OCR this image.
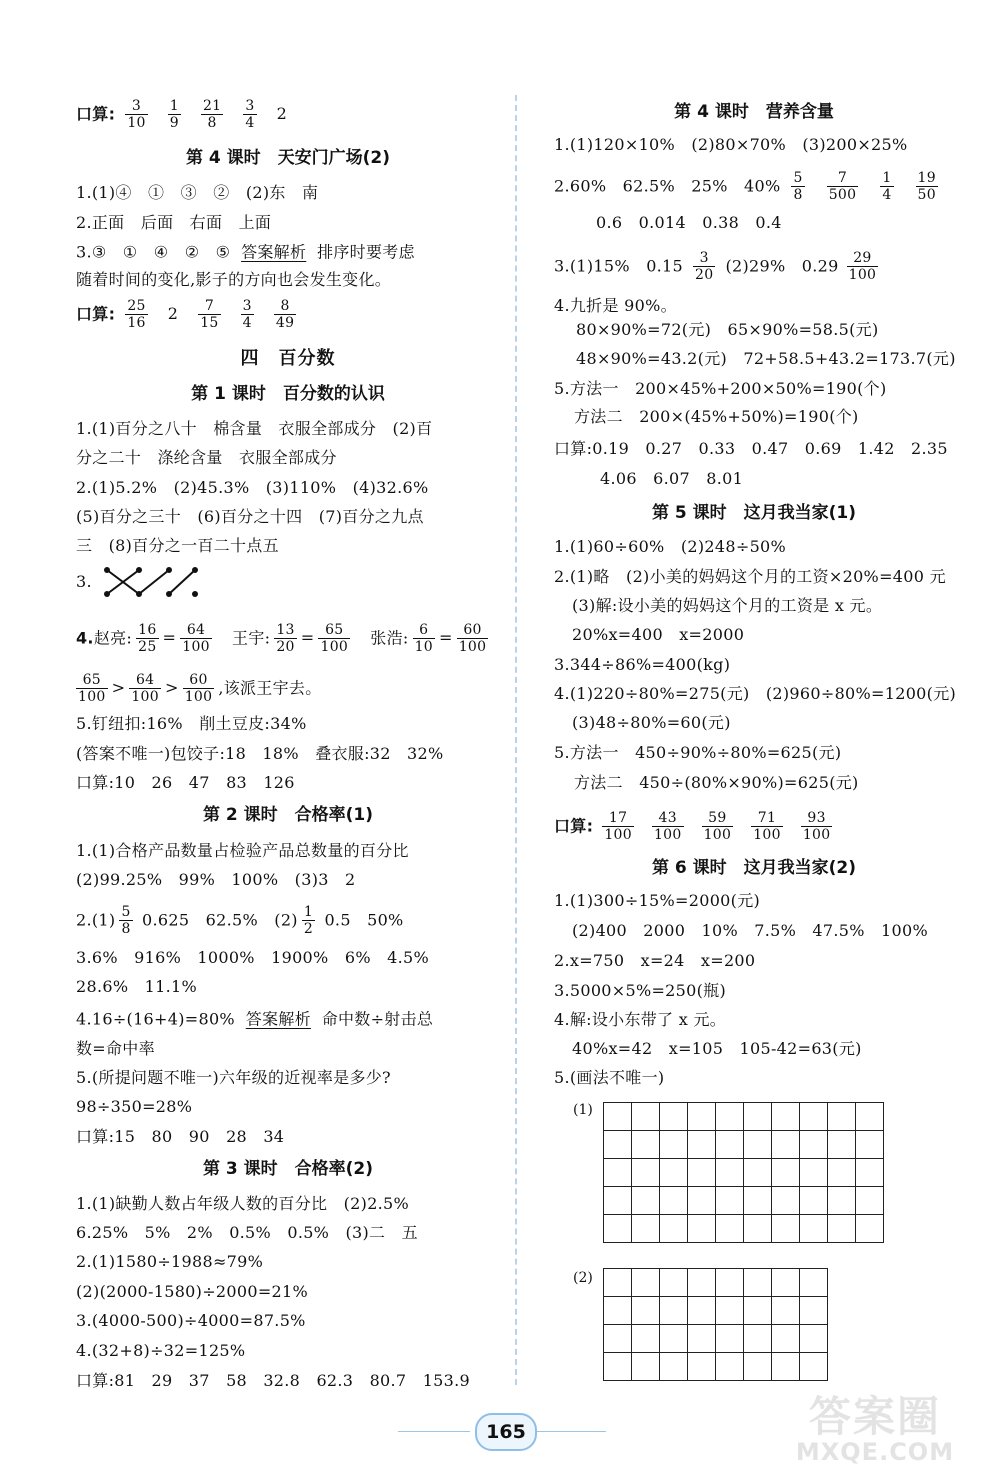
口算: $\frac{3}{10} \frac{1}{9} \frac{21}{8} \frac{3}{4} 2$
第 4 课时　天安门广场(2)
1.(1)④　①　③　②　(2)东　南
2.正面　后面　右面　上面
3.③　①　④　②　⑤ 答案解析 排序时要考虑
随着时间的变化,影子的方向也会发生变化。
口算: $\frac{25}{16} 2 \frac{7}{15} \frac{3}{4} \frac{8}{49}$
四　百分数
第 1 课时　百分数的认识
1.(1)百分之八十　棉含量　衣服全部成分　(2)百
分之二十　涤纶含量　衣服全部成分
2.(1)5.2%　(2)45.3%　(3)110%　(4)32.6%
(5)百分之三十　(6)百分之十四　(7)百分之九点
三　(8)百分之一百二十点五
3.
4.赵亮: $\frac{16}{25} = \frac{64}{100}$ 王宇: $\frac{13}{20} = \frac{65}{100}$ 张浩: $\frac{6}{10} = \frac{60}{100}$
$\frac{65}{100} > \frac{64}{100} > \frac{60}{100}$ ,该派王宇去。
5.钉纽扣:16%　削土豆皮:34%
(答案不唯一)包饺子:18　18%　叠衣服:32　32%
口算:10　26　47　83　126
第 2 课时　合格率(1)
1.(1)合格产品数量占检验产品总数量的百分比
(2)99.25%　99%　100%　(3)3　2
$2.(1) \frac{5}{8} 0.625$　62.5%　$(2) \frac{1}{2} 0.5$　50%
3.6%　916%　1000%　1900%　6%　4.5%
28.6%　11.1%
4.16÷(16+4)=80% 答案解析 命中数÷射击总
数=命中率
5.(所提问题不唯一)六年级的近视率是多少?
98÷350=28%
口算:15　80　90　28　34
第 3 课时　合格率(2)
1.(1)缺勤人数占年级人数的百分比　(2)2.5%
6.25%　5%　2%　0.5%　0.5%　(3)二　五
2.(1)1580÷1988≈79%
(2)(2000-1580)÷2000=21%
3.(4000-500)÷4000=87.5%
4.(32+8)÷32=125%
口算:81　29　37　58　32.8　62.3　80.7　153.9
第 4 课时　营养含量
1.(1)120×10%　(2)80×70%　(3)200×25%
2.60%　62.5%　25%　$40\% \frac{5}{8} \frac{7}{500} \frac{1}{4} \frac{19}{50}$
0.6　0.014　0.38　0.4
3.(1)15%　$0.15 \frac{3}{20} (2)29\%$　$0.29 \frac{29}{100}$
4.九折是 90%。
80×90%=72(元)　65×90%=58.5(元)
48×90%=43.2(元)　72+58.5+43.2=173.7(元)
5.方法一　200×45%+200×50%=190(个)
方法二　200×(45%+50%)=190(个)
口算:0.19　0.27　0.33　0.47　0.69　1.42　2.35
4.06　6.07　8.01
第 5 课时　这月我当家(1)
1.(1)60÷60%　(2)248÷50%
2.(1)略　(2)小美的妈妈这个月的工资×20%=400 元
(3)解:设小美的妈妈这个月的工资是 x 元。
20%x=400　x=2000
3.344÷86%=400(kg)
4.(1)220÷80%=275(元)　(2)960÷80%=1200(元)
(3)48÷80%=60(元)
5.方法一　450÷90%÷80%=625(元)
方法二　450÷(80%×90%)=625(元)
口算: $\frac{17}{100} \frac{43}{100} \frac{59}{100} \frac{71}{100} \frac{93}{100}$
第 6 课时　这月我当家(2)
1.(1)300÷15%=2000(元)
(2)400　2000　10%　7.5%　47.5%　100%
2.x=750　x=24　x=200
3.5000×5%=250(瓶)
4.解:设小东带了 x 元。
40%x=42　x=105　105-42=63(元)
5.(画法不唯一)
(1)

(2)

165	答案圈
MXQE.COM
